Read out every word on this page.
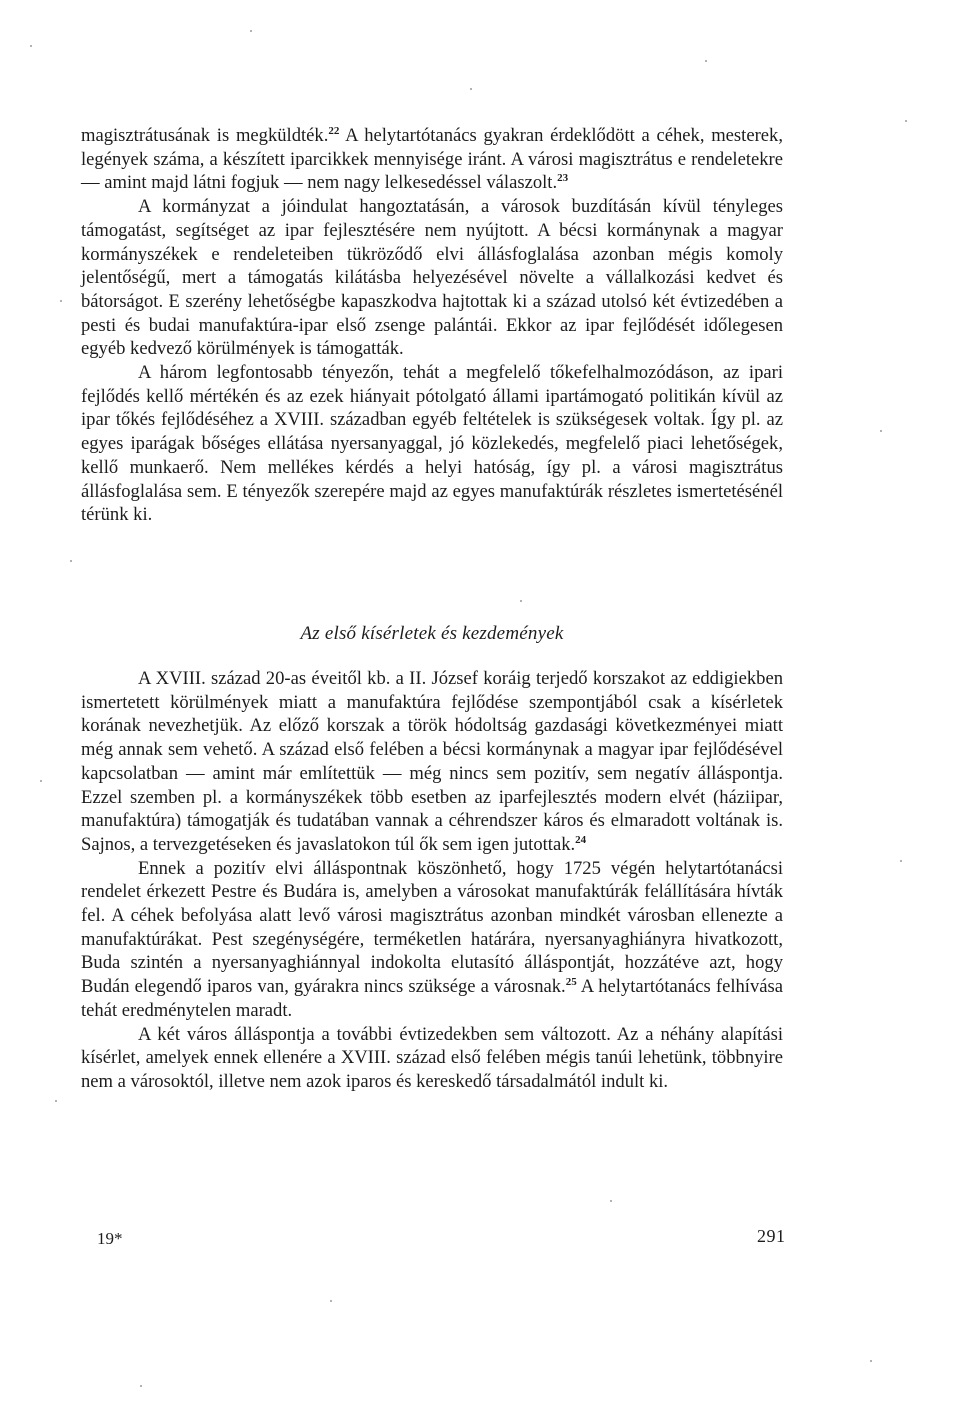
magisztrátusának is megküldték.$^{22}$ A helytartótanács gyakran érdeklődött a céhek, mesterek, legények száma, a készített iparcikkek mennyisége iránt. A városi magisztrátus e rendeletekre — amint majd látni fogjuk — nem nagy lelkesedéssel válaszolt.$^{23}$

A kormányzat a jóindulat hangoztatásán, a városok buzdításán kívül tényleges támogatást, segítséget az ipar fejlesztésére nem nyújtott. A bécsi kormánynak a magyar kormányszékek e rendeleteiben tükröződő elvi állásfoglalása azonban mégis komoly jelentőségű, mert a támogatás kilátásba helyezésével növelte a vállalkozási kedvet és bátorságot. E szerény lehetőségbe kapaszkodva hajtottak ki a század utolsó két évtizedében a pesti és budai manufaktúra-ipar első zsenge palántái. Ekkor az ipar fejlődését időlegesen egyéb kedvező körülmények is támogatták.

A három legfontosabb tényezőn, tehát a megfelelő tőkefelhalmozódáson, az ipari fejlődés kellő mértékén és az ezek hiányait pótolgató állami ipartámogató politikán kívül az ipar tőkés fejlődéséhez a XVIII. században egyéb feltételek is szükségesek voltak. Így pl. az egyes iparágak bőséges ellátása nyersanyaggal, jó közlekedés, megfelelő piaci lehetőségek, kellő munkaerő. Nem mellékes kérdés a helyi hatóság, így pl. a városi magisztrátus állásfoglalása sem. E tényezők szerepére majd az egyes manufaktúrák részletes ismertetésénél térünk ki.

Az első kísérletek és kezdemények

A XVIII. század 20-as éveitől kb. a II. József koráig terjedő korszakot az eddigiekben ismertetett körülmények miatt a manufaktúra fejlődése szempontjából csak a kísérletek korának nevezhetjük. Az előző korszak a török hódoltság gazdasági következményei miatt még annak sem vehető. A század első felében a bécsi kormánynak a magyar ipar fejlődésével kapcsolatban — amint már említettük — még nincs sem pozitív, sem negatív álláspontja. Ezzel szemben pl. a kormányszékek több esetben az iparfejlesztés modern elvét (háziipar, manufaktúra) támogatják és tudatában vannak a céhrendszer káros és elmaradott voltának is. Sajnos, a tervezgetéseken és javaslatokon túl ők sem igen jutottak.$^{24}$

Ennek a pozitív elvi álláspontnak köszönhető, hogy 1725 végén helytartótanácsi rendelet érkezett Pestre és Budára is, amelyben a városokat manufaktúrák felállítására hívták fel. A céhek befolyása alatt levő városi magisztrátus azonban mindkét városban ellenezte a manufaktúrákat. Pest szegénységére, terméketlen határára, nyersanyaghiányra hivatkozott, Buda szintén a nyersanyaghiánnyal indokolta elutasító álláspontját, hozzátéve azt, hogy Budán elegendő iparos van, gyárakra nincs szüksége a városnak.$^{25}$ A helytartótanács felhívása tehát eredménytelen maradt.

A két város álláspontja a további évtizedekben sem változott. Az a néhány alapítási kísérlet, amelyek ennek ellenére a XVIII. század első felében mégis tanúi lehetünk, többnyire nem a városoktól, illetve nem azok iparos és kereskedő társadalmától indult ki.

19*	291
